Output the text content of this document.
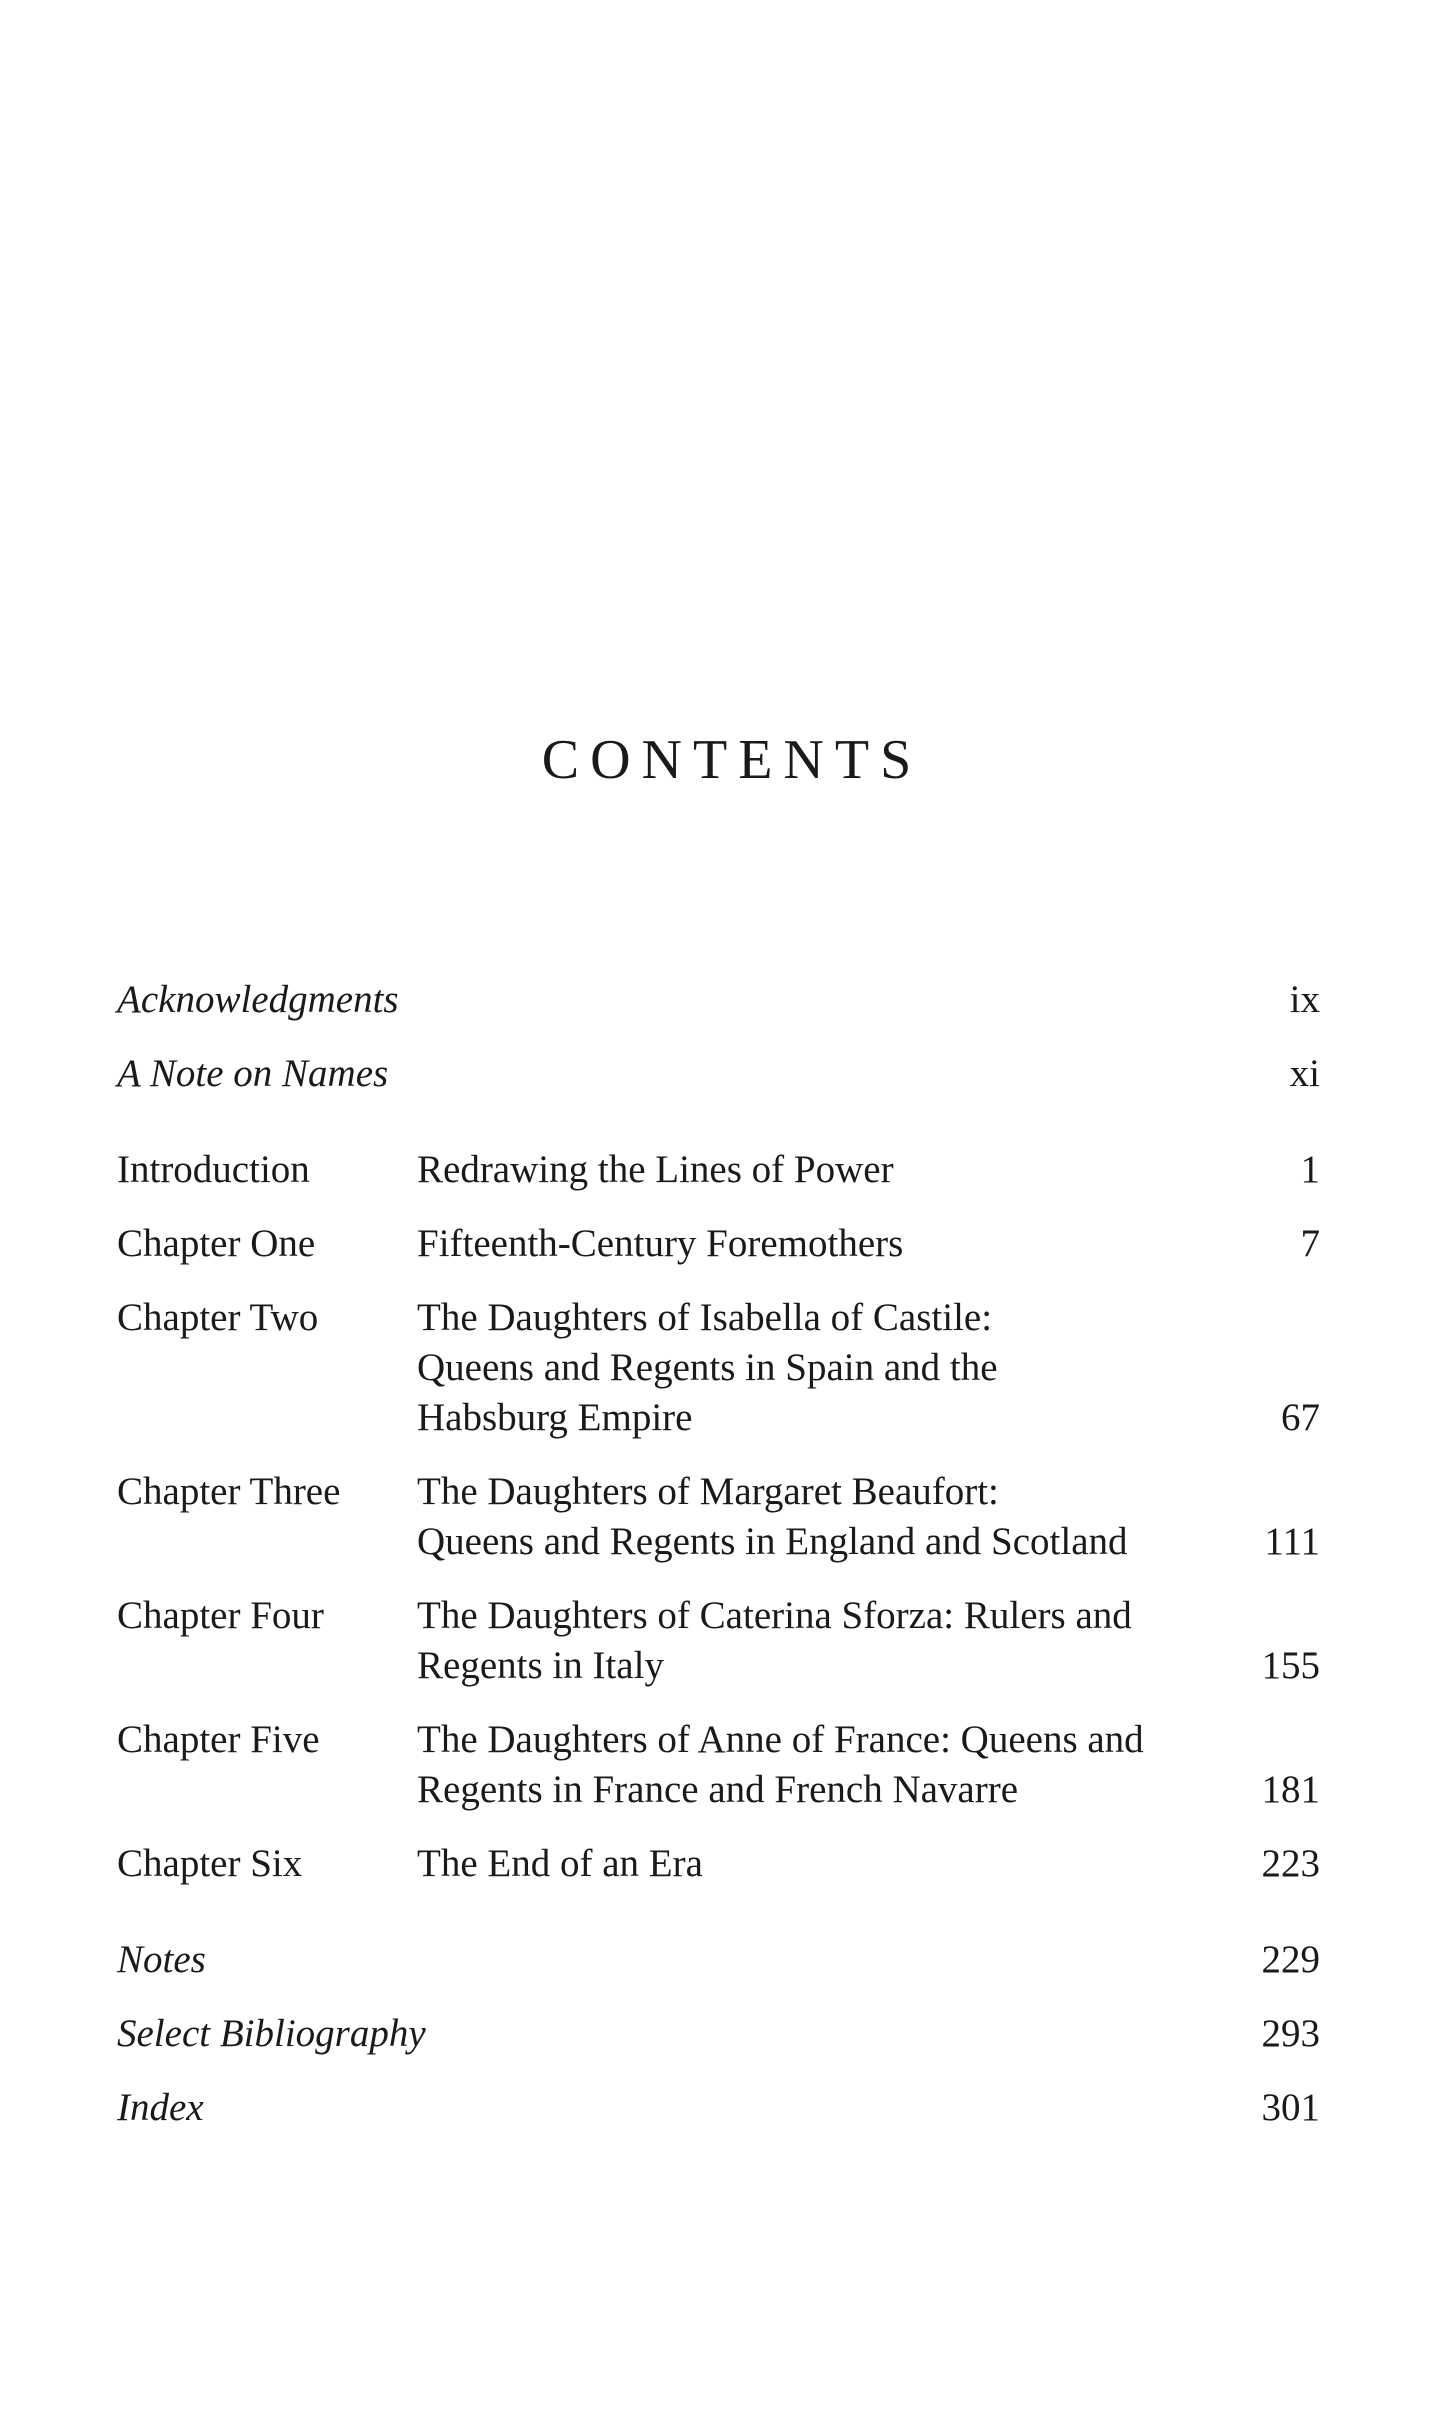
CONTENTS
Acknowledgments	ix
A Note on Names	xi
Introduction	Redrawing the Lines of Power	1
Chapter One	Fifteenth-Century Foremothers	7
Chapter Two	The Daughters of Isabella of Castile:
Queens and Regents in Spain and the
Habsburg Empire	67
Chapter Three	The Daughters of Margaret Beaufort:
Queens and Regents in England and Scotland	111
Chapter Four	The Daughters of Caterina Sforza: Rulers and
Regents in Italy	155
Chapter Five	The Daughters of Anne of France: Queens and
Regents in France and French Navarre	181
Chapter Six	The End of an Era	223
Notes	229
Select Bibliography	293
Index	301
